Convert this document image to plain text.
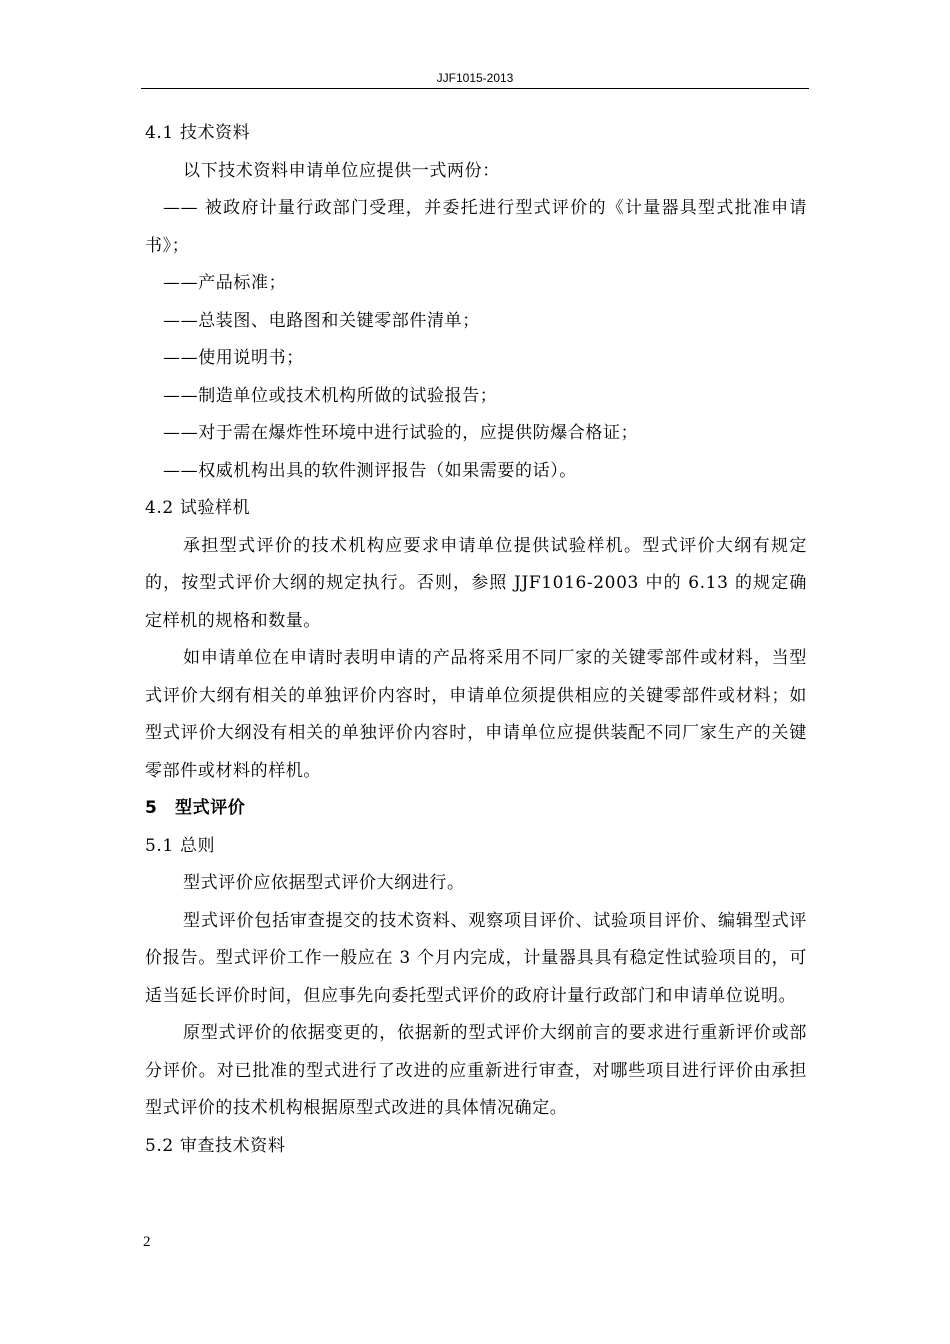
JJF1015-2013

4.1 技术资料

以下技术资料申请单位应提供一式两份：

—— 被政府计量行政部门受理，并委托进行型式评价的《计量器具型式批准申请书》；

——产品标准；

——总装图、电路图和关键零部件清单；

——使用说明书；

——制造单位或技术机构所做的试验报告；

——对于需在爆炸性环境中进行试验的，应提供防爆合格证；

——权威机构出具的软件测评报告（如果需要的话）。

4.2 试验样机

承担型式评价的技术机构应要求申请单位提供试验样机。型式评价大纲有规定的，按型式评价大纲的规定执行。否则，参照 JJF1016-2003 中的 6.13 的规定确定样机的规格和数量。

如申请单位在申请时表明申请的产品将采用不同厂家的关键零部件或材料，当型式评价大纲有相关的单独评价内容时，申请单位须提供相应的关键零部件或材料；如型式评价大纲没有相关的单独评价内容时，申请单位应提供装配不同厂家生产的关键零部件或材料的样机。

5 型式评价

5.1 总则

型式评价应依据型式评价大纲进行。

型式评价包括审查提交的技术资料、观察项目评价、试验项目评价、编辑型式评价报告。型式评价工作一般应在 3 个月内完成，计量器具具有稳定性试验项目的，可适当延长评价时间，但应事先向委托型式评价的政府计量行政部门和申请单位说明。

原型式评价的依据变更的，依据新的型式评价大纲前言的要求进行重新评价或部分评价。对已批准的型式进行了改进的应重新进行审查，对哪些项目进行评价由承担型式评价的技术机构根据原型式改进的具体情况确定。

5.2 审查技术资料

2
